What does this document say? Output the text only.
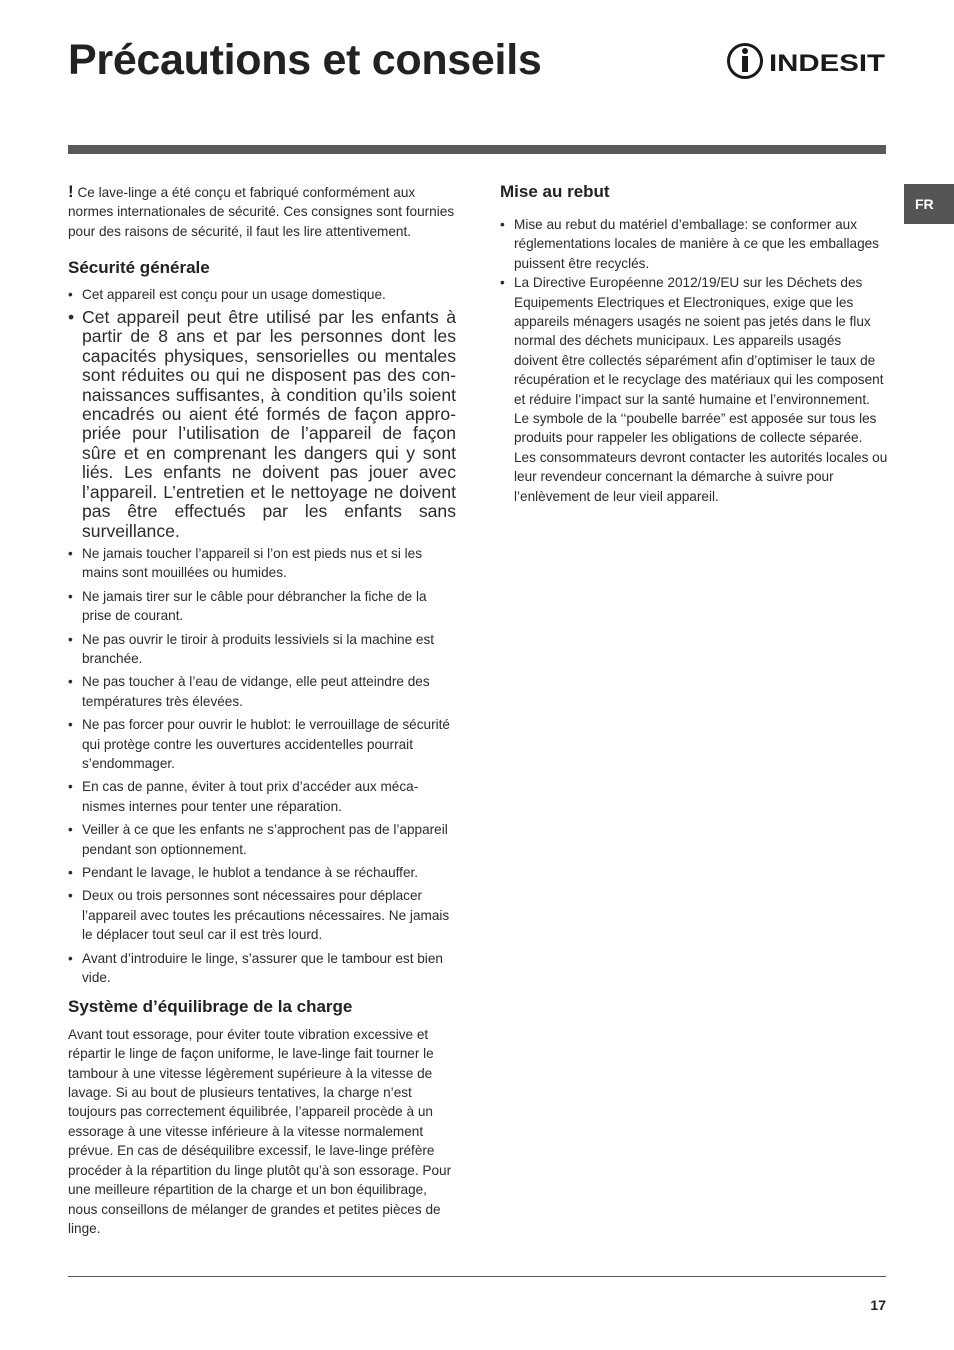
Précautions et conseils	INDESIT
FR

! Ce lave-linge a été conçu et fabriqué conformément aux normes internationales de sécurité. Ces consignes sont fournies pour des raisons de sécurité, il faut les lire attentivement.

Sécurité générale
• Cet appareil est conçu pour un usage domestique.
• Cet appareil peut être utilisé par les enfants à partir de 8 ans et par les personnes dont les capacités physiques, sensorielles ou mentales sont réduites ou qui ne disposent pas des connaissances suffisantes, à condition qu’ils soient encadrés ou aient été formés de façon appropriée pour l’utilisation de l’appareil de façon sûre et en comprenant les dangers qui y sont liés. Les enfants ne doivent pas jouer avec l’appareil. L’entretien et le nettoyage ne doivent pas être effectués par les enfants sans surveillance.
• Ne jamais toucher l’appareil si l’on est pieds nus et si les mains sont mouillées ou humides.
• Ne jamais tirer sur le câble pour débrancher la fiche de la prise de courant.
• Ne pas ouvrir le tiroir à produits lessiviels si la machine est branchée.
• Ne pas toucher à l’eau de vidange, elle peut atteindre des températures très élevées.
• Ne pas forcer pour ouvrir le hublot: le verrouillage de sécurité qui protège contre les ouvertures accidentelles pourrait s’endommager.
• En cas de panne, éviter à tout prix d’accéder aux mécanismes internes pour tenter une réparation.
• Veiller à ce que les enfants ne s’approchent pas de l’appareil pendant son optionnement.
• Pendant le lavage, le hublot a tendance à se réchauffer.
• Deux ou trois personnes sont nécessaires pour déplacer l’appareil avec toutes les précautions nécessaires. Ne jamais le déplacer tout seul car il est très lourd.
• Avant d’introduire le linge, s’assurer que le tambour est bien vide.
Système d’équilibrage de la charge

Avant tout essorage, pour éviter toute vibration excessive et répartir le linge de façon uniforme, le lave-linge fait tourner le tambour à une vitesse légèrement supérieure à la vitesse de lavage. Si au bout de plusieurs tentatives, la charge n’est toujours pas correctement équilibrée, l’appareil procède à un essorage à une vitesse inférieure à la vitesse normalement prévue. En cas de déséquilibre excessif, le lave-linge préfère procéder à la répartition du linge plutôt qu’à son essorage. Pour une meilleure répartition de la charge et un bon équilibrage, nous conseillons de mélanger de grandes et petites pièces de linge.

Mise au rebut
• Mise au rebut du matériel d’emballage: se conformer aux réglementations locales de manière à ce que les emballages puissent être recyclés.

• La Directive Européenne 2012/19/EU sur les Déchets des Equipements Electriques et Electroniques, exige que les appareils ménagers usagés ne soient pas jetés dans le flux normal des déchets municipaux. Les appareils usagés doivent être collectés séparément afin d’optimiser le taux de récupération et le recyclage des matériaux qui les composent et réduire l’impact sur la santé humaine et l’environnement.

Le symbole de la ‘‘poubelle barrée” est apposée sur tous les produits pour rappeler les obligations de collecte séparée. Les consommateurs devront contacter les autorités locales ou leur revendeur concernant la démarche à suivre pour l’enlèvement de leur vieil appareil.

17
